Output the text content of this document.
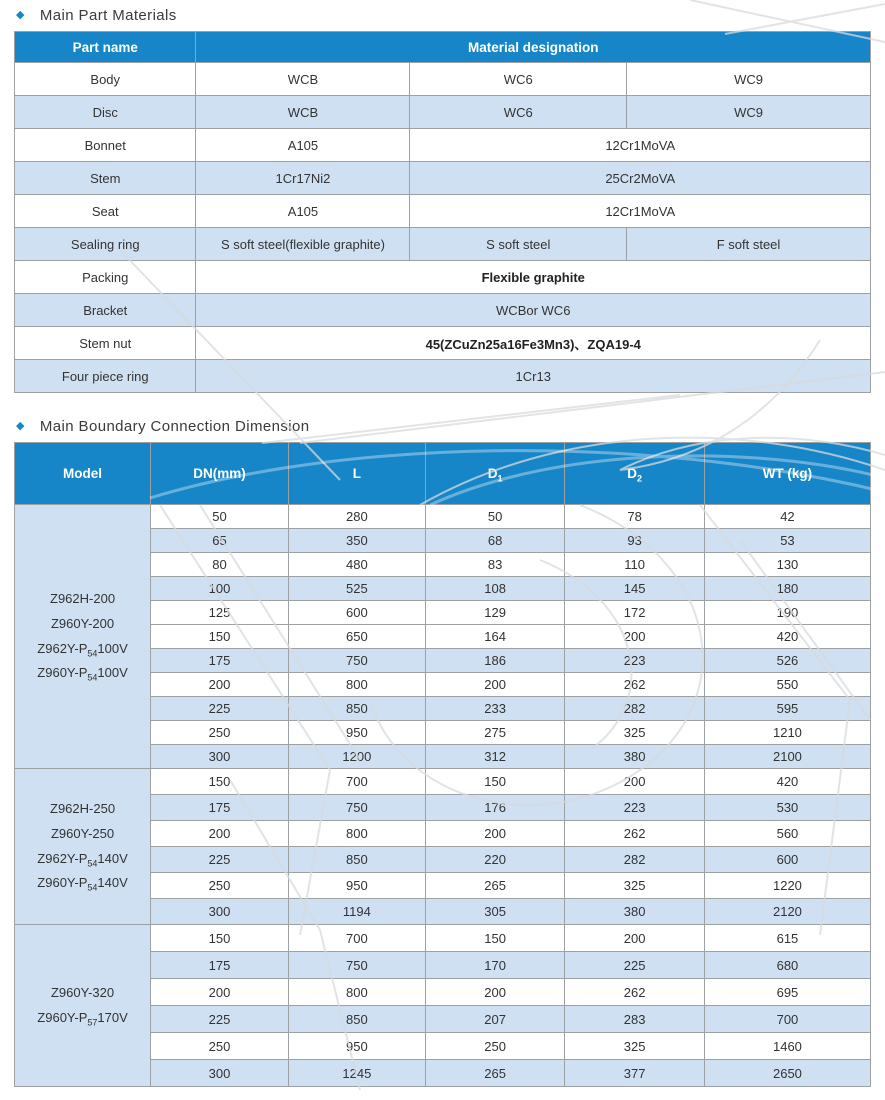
◆ Main Part Materials
Part name	Material designation		
Body	WCB	WC6	WC9
Disc	WCB	WC6	WC9
Bonnet	A105	12Cr1MoVA	
Stem	1Cr17Ni2	25Cr2MoVA	
Seat	A105	12Cr1MoVA	
Sealing ring	S soft steel(flexible graphite)	S soft steel	F soft steel
Packing	Flexible graphite		
Bracket	WCBor WC6		
Stem nut	45(ZCuZn25a16Fe3Mn3)、ZQA19-4		
Four piece ring	1Cr13		
◆ Main Boundary Connection Dimension
Model	DN(mm)	L	$D_1$	$D_2$	WT (kg)

Z962H-200
Z960Y-200
$Z962Y-P_{54}100V$
$Z960Y-P_{54}100V$	50	280	50	78	42
	65	350	68	93	53
	80	480	83	110	130
	100	525	108	145	180
	125	600	129	172	190
	150	650	164	200	420
	175	750	186	223	526
	200	800	200	262	550
	225	850	233	282	595
	250	950	275	325	1210
	300	1200	312	380	2100

Z962H-250
Z960Y-250
$Z962Y-P_{54}140V$
$Z960Y-P_{54}140V$	150	700	150	200	420
	175	750	176	223	530
	200	800	200	262	560
	225	850	220	282	600
	250	950	265	325	1220
	300	1194	305	380	2120

Z960Y-320
$Z960Y-P_{57}170V$	150	700	150	200	615
	175	750	170	225	680
	200	800	200	262	695
	225	850	207	283	700
	250	950	250	325	1460
	300	1245	265	377	2650
